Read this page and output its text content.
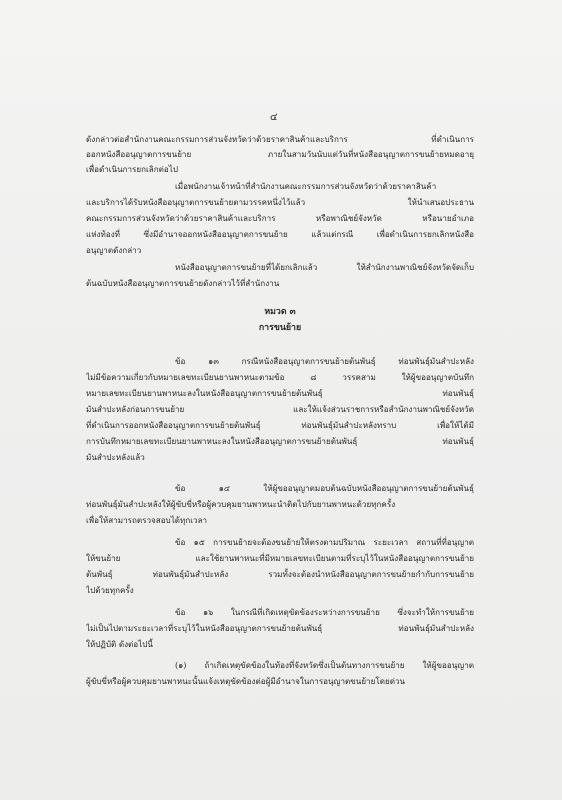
๔
ดังกล่าวต่อสำนักงานคณะกรรมการส่วนจังหวัดว่าด้วยราคาสินค้าและบริการ ที่ดำเนินการ
ออกหนังสืออนุญาตการขนย้าย ภายในสามวันนับแต่วันที่หนังสืออนุญาตการขนย้ายหมดอายุ
เพื่อดำเนินการยกเลิกต่อไป
เมื่อพนักงานเจ้าหน้าที่สำนักงานคณะกรรมการส่วนจังหวัดว่าด้วยราคาสินค้า
และบริการได้รับหนังสืออนุญาตการขนย้ายตามวรรคหนึ่งไว้แล้ว ให้นำเสนอประธาน
คณะกรรมการส่วนจังหวัดว่าด้วยราคาสินค้าและบริการ หรือพาณิชย์จังหวัด หรือนายอำเภอ
แห่งท้องที่ ซึ่งมีอำนาจออกหนังสืออนุญาตการขนย้าย แล้วแต่กรณี เพื่อดำเนินการยกเลิกหนังสือ
อนุญาตดังกล่าว
หนังสืออนุญาตการขนย้ายที่ได้ยกเลิกแล้ว ให้สำนักงานพาณิชย์จังหวัดจัดเก็บ
ต้นฉบับหนังสืออนุญาตการขนย้ายดังกล่าวไว้ที่สำนักงาน
หมวด ๓
การขนย้าย
ข้อ ๑๓ กรณีหนังสืออนุญาตการขนย้ายต้นพันธุ์ ท่อนพันธุ์มันสำปะหลัง
ไม่มีข้อความเกี่ยวกับหมายเลขทะเบียนยานพาหนะตามข้อ ๘ วรรคสาม ให้ผู้ขออนุญาตบันทึก
หมายเลขทะเบียนยานพาหนะลงในหนังสืออนุญาตการขนย้ายต้นพันธุ์ ท่อนพันธุ์
มันสำปะหลังก่อนการขนย้าย และให้แจ้งส่วนราชการหรือสำนักงานพาณิชย์จังหวัด
ที่ดำเนินการออกหนังสืออนุญาตการขนย้ายต้นพันธุ์ ท่อนพันธุ์มันสำปะหลังทราบ เพื่อให้ได้มี
การบันทึกหมายเลขทะเบียนยานพาหนะลงในหนังสืออนุญาตการขนย้ายต้นพันธุ์ ท่อนพันธุ์
มันสำปะหลังแล้ว
ข้อ ๑๔ ให้ผู้ขออนุญาตมอบต้นฉบับหนังสืออนุญาตการขนย้ายต้นพันธุ์
ท่อนพันธุ์มันสำปะหลังให้ผู้ขับขี่หรือผู้ควบคุมยานพาหนะนำติดไปกับยานพาหนะด้วยทุกครั้ง
เพื่อให้สามารถตรวจสอบได้ทุกเวลา
ข้อ ๑๕ การขนย้ายจะต้องขนย้ายให้ตรงตามปริมาณ ระยะเวลา สถานที่ที่อนุญาต
ให้ขนย้าย และใช้ยานพาหนะที่มีหมายเลขทะเบียนตามที่ระบุไว้ในหนังสืออนุญาตการขนย้าย
ต้นพันธุ์ ท่อนพันธุ์มันสำปะหลัง รวมทั้งจะต้องนำหนังสืออนุญาตการขนย้ายกำกับการขนย้าย
ไปด้วยทุกครั้ง
ข้อ ๑๖ ในกรณีที่เกิดเหตุขัดข้องระหว่างการขนย้าย ซึ่งจะทำให้การขนย้าย
ไม่เป็นไปตามระยะเวลาที่ระบุไว้ในหนังสืออนุญาตการขนย้ายต้นพันธุ์ ท่อนพันธุ์มันสำปะหลัง
ให้ปฏิบัติ ดังต่อไปนี้
(๑) ถ้าเกิดเหตุขัดข้องในท้องที่จังหวัดซึ่งเป็นต้นทางการขนย้าย ให้ผู้ขออนุญาต
ผู้ขับขี่หรือผู้ควบคุมยานพาหนะนั้นแจ้งเหตุขัดข้องต่อผู้มีอำนาจในการอนุญาตขนย้ายโดยด่วน
